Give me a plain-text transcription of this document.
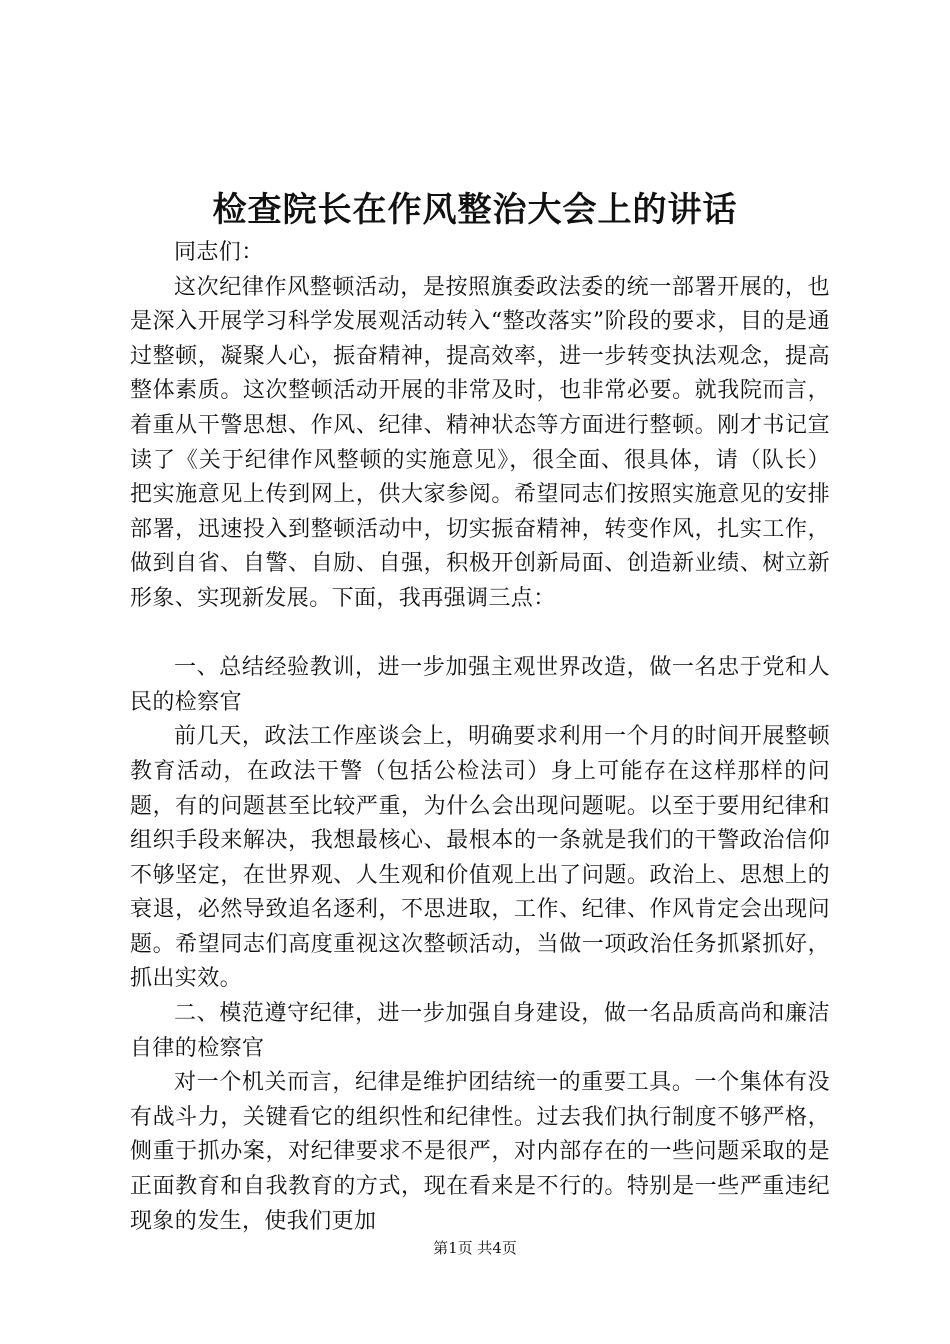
检查院长在作风整治大会上的讲话

同志们：

这次纪律作风整顿活动，是按照旗委政法委的统一部署开展的，也是深入开展学习科学发展观活动转入“整改落实”阶段的要求，目的是通过整顿，凝聚人心，振奋精神，提高效率，进一步转变执法观念，提高整体素质。这次整顿活动开展的非常及时，也非常必要。就我院而言，着重从干警思想、作风、纪律、精神状态等方面进行整顿。刚才书记宣读了《关于纪律作风整顿的实施意见》，很全面、很具体，请（队长）把实施意见上传到网上，供大家参阅。希望同志们按照实施意见的安排部署，迅速投入到整顿活动中，切实振奋精神，转变作风，扎实工作，做到自省、自警、自励、自强，积极开创新局面、创造新业绩、树立新形象、实现新发展。下面，我再强调三点：

一、总结经验教训，进一步加强主观世界改造，做一名忠于党和人民的检察官

前几天，政法工作座谈会上，明确要求利用一个月的时间开展整顿教育活动，在政法干警（包括公检法司）身上可能存在这样那样的问题，有的问题甚至比较严重，为什么会出现问题呢。以至于要用纪律和组织手段来解决，我想最核心、最根本的一条就是我们的干警政治信仰不够坚定，在世界观、人生观和价值观上出了问题。政治上、思想上的衰退，必然导致追名逐利，不思进取，工作、纪律、作风肯定会出现问题。希望同志们高度重视这次整顿活动，当做一项政治任务抓紧抓好，抓出实效。

二、模范遵守纪律，进一步加强自身建设，做一名品质高尚和廉洁自律的检察官

对一个机关而言，纪律是维护团结统一的重要工具。一个集体有没有战斗力，关键看它的组织性和纪律性。过去我们执行制度不够严格，侧重于抓办案，对纪律要求不是很严，对内部存在的一些问题采取的是正面教育和自我教育的方式，现在看来是不行的。特别是一些严重违纪现象的发生，使我们更加

第1页 共4页
